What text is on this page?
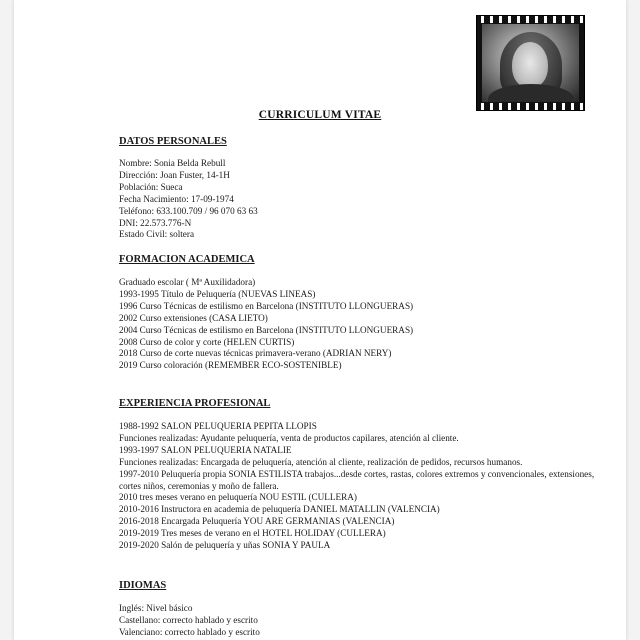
CURRICULUM VITAE
DATOS PERSONALES
Nombre: Sonia Belda Rebull
Dirección: Joan Fuster, 14-1H
Población: Sueca
Fecha Nacimiento: 17-09-1974
Teléfono: 633.100.709 / 96 070 63 63
DNI: 22.573.776-N
Estado Civil: soltera
FORMACION ACADEMICA
Graduado escolar ( Mª Auxilidadora)
1993-1995 Título de Peluquería (NUEVAS LINEAS)
1996 Curso Técnicas de estilismo en Barcelona (INSTITUTO LLONGUERAS)
2002 Curso extensiones (CASA LIETO)
2004 Curso Técnicas de estilismo en Barcelona (INSTITUTO LLONGUERAS)
2008 Curso de color y corte (HELEN CURTIS)
2018 Curso de corte nuevas técnicas primavera-verano (ADRIAN NERY)
2019 Curso coloración (REMEMBER ECO-SOSTENIBLE)
EXPERIENCIA PROFESIONAL
1988-1992 SALON PELUQUERIA PEPITA LLOPIS
Funciones realizadas: Ayudante peluquería, venta de productos capilares, atención al cliente.
1993-1997 SALON PELUQUERIA NATALIE
Funciones realizadas: Encargada de peluquería, atención al cliente, realización de pedidos, recursos humanos.
1997-2010 Peluquería propia SONIA ESTILISTA trabajos...desde cortes, rastas, colores extremos y convencionales, extensiones, cortes niños, ceremonias y moño de fallera.
2010 tres meses verano en peluquería NOU ESTIL (CULLERA)
2010-2016 Instructora en academia de peluquería DANIEL MATALLIN (VALENCIA)
2016-2018 Encargada Peluquería YOU ARE GERMANIAS (VALENCIA)
2019-2019 Tres meses de verano en el HOTEL HOLIDAY (CULLERA)
2019-2020 Salón de peluquería y uñas SONIA Y PAULA
IDIOMAS
Inglés: Nivel básico
Castellano: correcto hablado y escrito
Valenciano: correcto hablado y escrito
